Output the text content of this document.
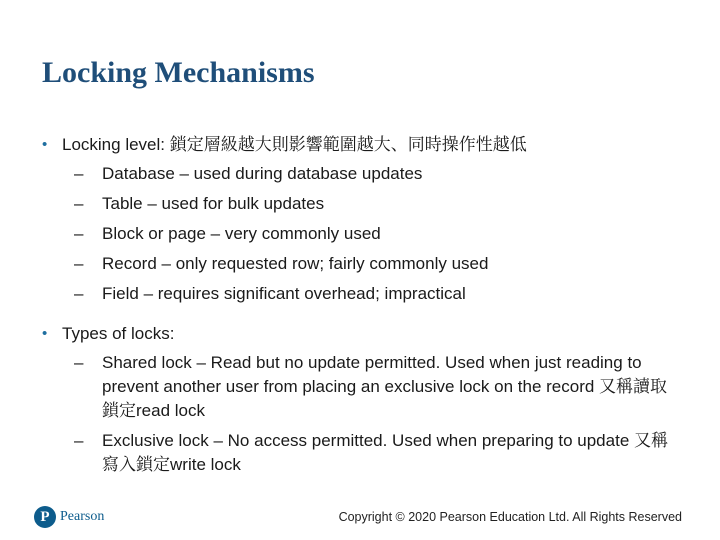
Locking Mechanisms
• Locking level: 鎖定層級越大則影響範圍越大、同時操作性越低
– Database – used during database updates
– Table – used for bulk updates
– Block or page – very commonly used
– Record – only requested row; fairly commonly used
– Field – requires significant overhead; impractical
• Types of locks:
– Shared lock – Read but no update permitted. Used when just reading to prevent another user from placing an exclusive lock on the record 又稱讀取鎖定read lock
– Exclusive lock – No access permitted. Used when preparing to update 又稱寫入鎖定write lock
P Pearson	Copyright © 2020 Pearson Education Ltd. All Rights Reserved
